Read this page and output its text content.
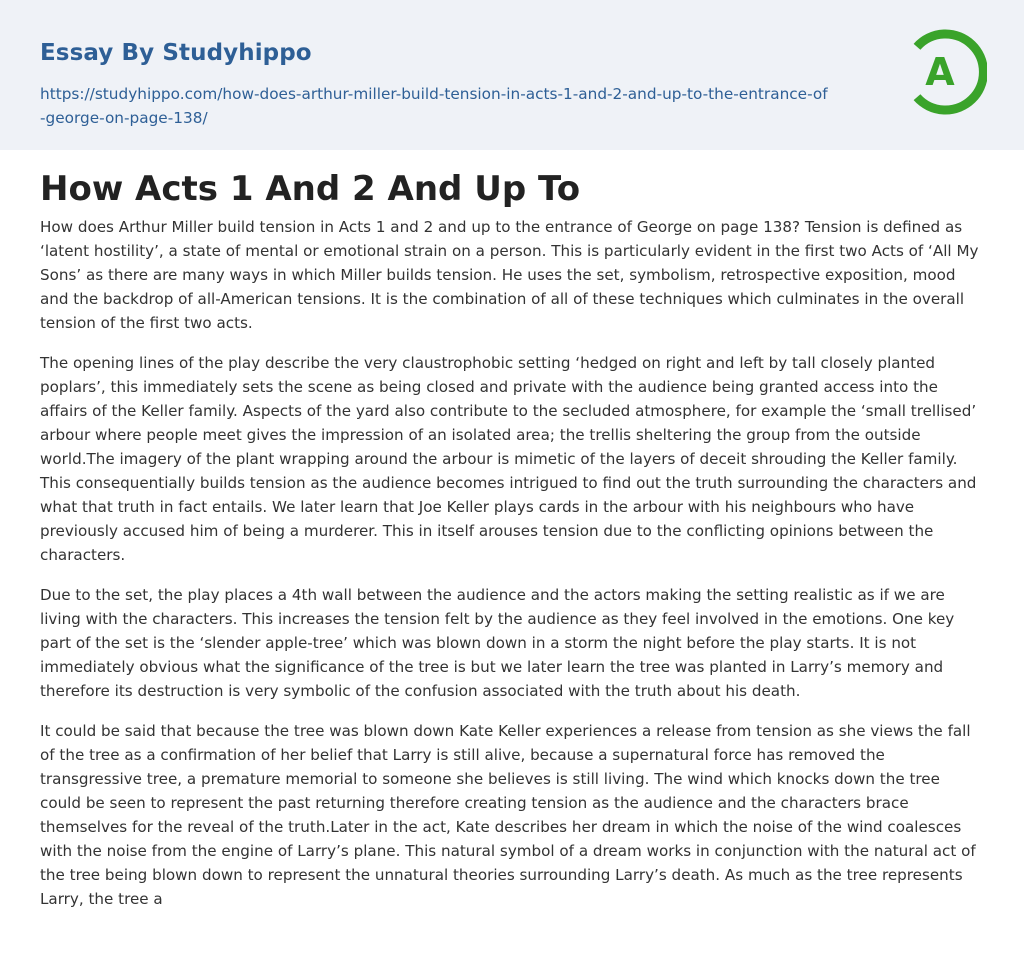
Essay By Studyhippo
https://studyhippo.com/how-does-arthur-miller-build-tension-in-acts-1-and-2-and-up-to-the-entrance-of-george-on-page-138/
A
How Acts 1 And 2 And Up To

How does Arthur Miller build tension in Acts 1 and 2 and up to the entrance of George on page 138? Tension is defined as ‘latent hostility’, a state of mental or emotional strain on a person. This is particularly evident in the first two Acts of ‘All My Sons’ as there are many ways in which Miller builds tension. He uses the set, symbolism, retrospective exposition, mood and the backdrop of all-American tensions. It is the combination of all of these techniques which culminates in the overall tension of the first two acts.

The opening lines of the play describe the very claustrophobic setting ‘hedged on right and left by tall closely planted poplars’, this immediately sets the scene as being closed and private with the audience being granted access into the affairs of the Keller family. Aspects of the yard also contribute to the secluded atmosphere, for example the ‘small trellised’ arbour where people meet gives the impression of an isolated area; the trellis sheltering the group from the outside world.The imagery of the plant wrapping around the arbour is mimetic of the layers of deceit shrouding the Keller family. This consequentially builds tension as the audience becomes intrigued to find out the truth surrounding the characters and what that truth in fact entails. We later learn that Joe Keller plays cards in the arbour with his neighbours who have previously accused him of being a murderer. This in itself arouses tension due to the conflicting opinions between the characters.

Due to the set, the play places a 4th wall between the audience and the actors making the setting realistic as if we are living with the characters. This increases the tension felt by the audience as they feel involved in the emotions. One key part of the set is the ‘slender apple-tree’ which was blown down in a storm the night before the play starts. It is not immediately obvious what the significance of the tree is but we later learn the tree was planted in Larry’s memory and therefore its destruction is very symbolic of the confusion associated with the truth about his death.

It could be said that because the tree was blown down Kate Keller experiences a release from tension as she views the fall of the tree as a confirmation of her belief that Larry is still alive, because a supernatural force has removed the transgressive tree, a premature memorial to someone she believes is still living. The wind which knocks down the tree could be seen to represent the past returning therefore creating tension as the audience and the characters brace themselves for the reveal of the truth.Later in the act, Kate describes her dream in which the noise of the wind coalesces with the noise from the engine of Larry’s plane. This natural symbol of a dream works in conjunction with the natural act of the tree being blown down to represent the unnatural theories surrounding Larry’s death. As much as the tree represents Larry, the tree a
